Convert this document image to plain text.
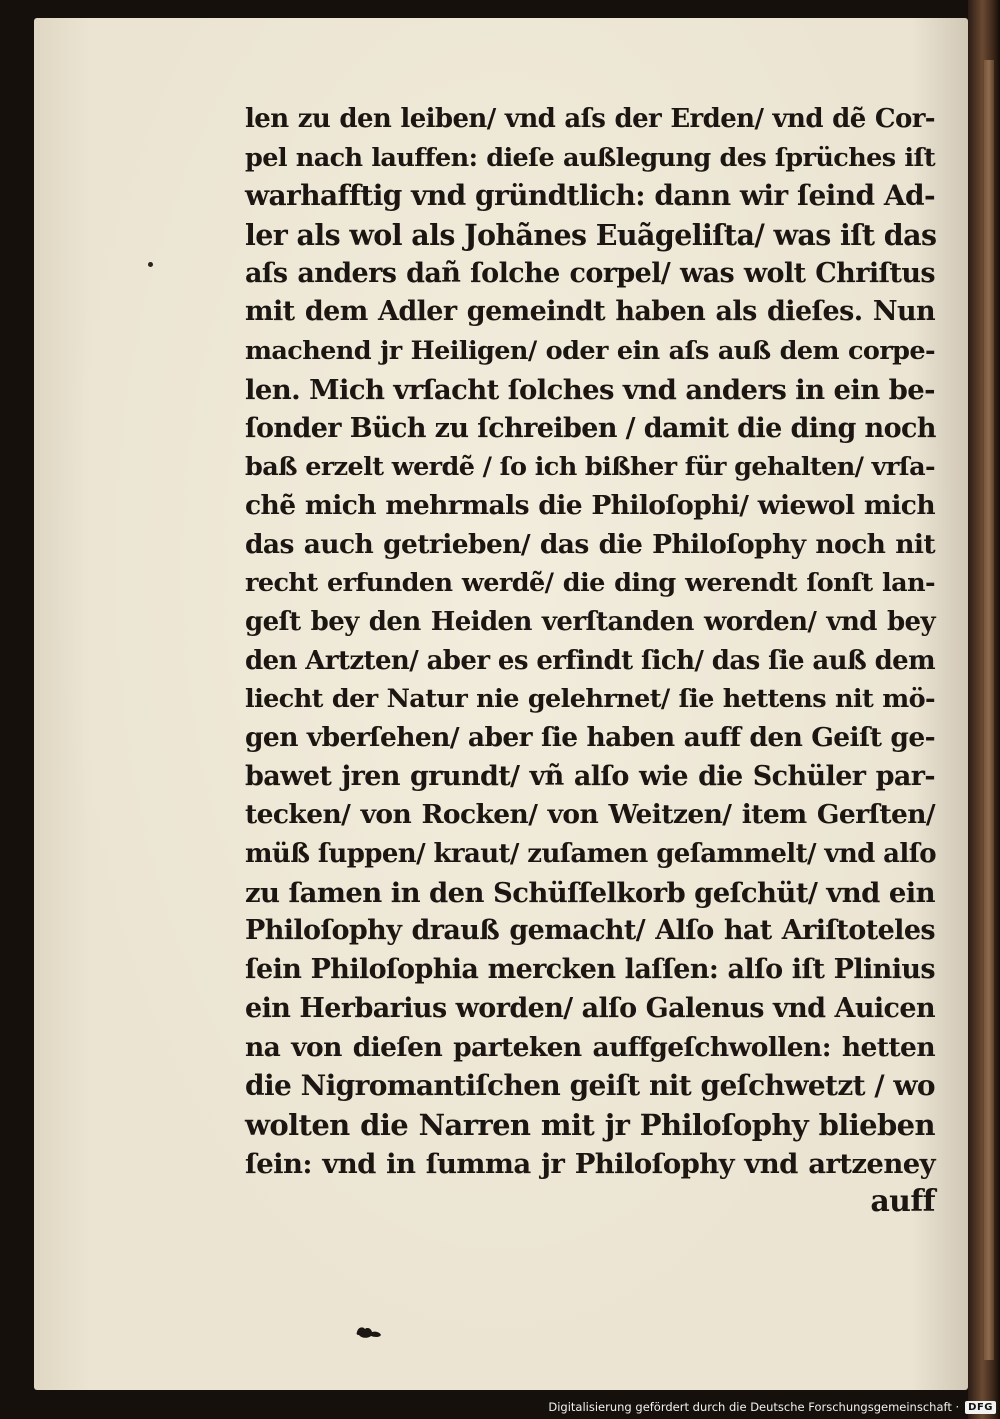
len zu den leiben/ vnd aſs der Erden/ vnd dẽ Cor-
pel nach lauffen: dieſe außlegung des ſprüches iſt
warhafftig vnd gründtlich: dann wir ſeind Ad-
ler als wol als Johãnes Euãgeliſta/ was iſt das
aſs anders dañ ſolche corpel/ was wolt Chriſtus
mit dem Adler gemeindt haben als dieſes. Nun
machend jr Heiligen/ oder ein aſs auß dem corpe-
len. Mich vrſacht ſolches vnd anders in ein be-
ſonder Büch zu ſchreiben / damit die ding noch
baß erzelt werdẽ / ſo ich bißher für gehalten/ vrſa-
chẽ mich mehrmals die Philoſophi/ wiewol mich
das auch getrieben/ das die Philoſophy noch nit
recht erfunden werdẽ/ die ding werendt ſonſt lan-
geſt bey den Heiden verſtanden worden/ vnd bey
den Artzten/ aber es erfindt ſich/ das ſie auß dem
liecht der Natur nie gelehrnet/ ſie hettens nit mö-
gen vberſehen/ aber ſie haben auff den Geiſt ge-
bawet jren grundt/ vñ alſo wie die Schüler par-
tecken/ von Rocken/ von Weitzen/ item Gerſten/
müß ſuppen/ kraut/ zuſamen geſammelt/ vnd alſo
zu ſamen in den Schüſſelkorb geſchüt/ vnd ein
Philoſophy drauß gemacht/ Alſo hat Ariſtoteles
ſein Philoſophia mercken laſſen: alſo iſt Plinius
ein Herbarius worden/ alſo Galenus vnd Auicen
na von dieſen parteken auffgeſchwollen: hetten
die Nigromantiſchen geiſt nit geſchwetzt / wo
wolten die Narren mit jr Philoſophy blieben
ſein: vnd in ſumma jr Philoſophy vnd artzeney
auff
Digitalisierung gefördert durch die Deutsche Forschungsgemeinschaft · DFG
